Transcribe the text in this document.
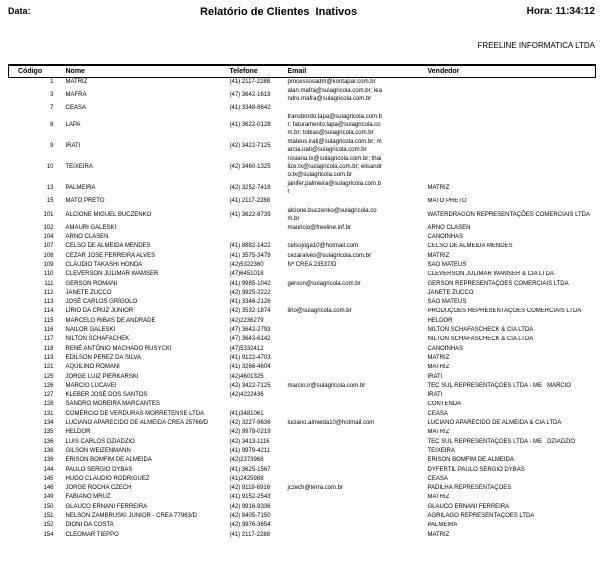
Data:	Relatório de Clientes  Inativos	Hora: 11:34:12
FREELINE INFORMATICA LTDA
Código	Nome	Telefone	Email	Vendedor
1	MATRIZ	(41) 2117-2288	processosadm@kontapar.com.br	
3	MAFRA	(47) 3642-1618	alan.mafra@sulagricola.com.br; leandro.mafra@sulagricola.com.br	
7	CEASA	(41) 3348-8642		
8	LAPA	(41) 3622-0128	transbordo.lapa@sulagricola.com.br; faturamento.lapa@sulagricola.com.br; tobias@sulagricola.com.br	
9	IRATI	(42) 3422-7125	mateus.irati@sulagricola.com.br; marcia.irati@sulagricola.com.br	
10	TEIXEIRA	(42) 3460-1325	rosiana.tx@sulagricola.com.br; thailize.tx@sulagricola.com.br; elisandro.tx@sulagricola.com.br	
13	PALMEIRA	(42) 3252-7418	janifer.palmeira@sulagricola.com.br	MATRIZ
15	MATO PRETO	(41) 2117-2288		MATO PRETO
101	ALCIONE MIGUEL BUCZENKO	(41) 3622-8739	alcione.buczenko@sulagricola.com.br	WATERDRAGON REPRESENTAÇÕES COMERCIAIS LTDA
102	AMAURI GALESKI		mauricio@freeline.inf.br	ARNO CLASEN
104	ARNO CLASEN			CANOINHAS
107	CELSO DE ALMEIDA MENDES	(41) 8882-1422	celsojoga10@hotmail.com	CELSO DE ALMEIDA MENDES
108	CEZAR JOSE FERREIRA ALVES	(41) 3575-3479	cezaralves@sulagricola.com.br	MATRIZ
109	CLÁUDIO TAKASHI HONDA	(42)5322360	Nº CREA 23537/D	SAO MATEUS
110	CLEVERSON JULIMAR WAMSER	(47)6451018		CLEVERSON JULIMAR WAMSER & CIA LTDA
111	GERSON ROMANI	(41) 9985-1042	gerson@sulagricola.com.br	GERSON REPRESENTAÇÕES COMERCIAIS LTDA
112	JANETE ZUCCO	(42) 9925-2222		JANETE ZUCCO
113	JOSÉ CARLOS GRÍGOLO	(41) 3346-2126		SAO MATEUS
114	LÍRIO DA CRUZ JUNIOR	(42) 3532-1874	lirio@sulagricola.com.br	PRODUÇÕES REPRESENTAÇÕES COMERCIAIS LTDA
115	MARCELO RIBAS DE ANDRADE	(42)2236279		HELDOR
116	NAILOR GALESKI	(47) 3642-2793		NILTON SCHAFASCHECK & CIA LTDA
117	NILTON SCHAFACHEK	(47) 3643-6142		NILTON SCHAFASCHECK & CIA LTDA
118	RENÉ ANTÔNIO MACHADO RUSYCKI	(47)5332412		CANOINHAS
119	EDILSON PEREZ DA SILVA	(41) 9122-4703		MATRIZ
121	AQUILINO ROMANI	(41) 3266-4604		MATRIZ
125	JORGE LUIZ PIERKARSKI	(42)4601325		IRATI
126	MARCIO LUCAVEI	(42) 3422-7125	marcio.ir@sulagricola.com.br	TEC SUL REPRESENTAÇÕES LTDA - ME   MARCIO
127	KLEBER JOSÉ DOS SANTOS	(42)4222436		IRATI
128	SANDRO MOREIRA MARCANTES			CONTENDA
131	COMÉRCIO DE VERDURAS MORRETENSE LTDA	(41)3481061		CEASA
134	LUCIANO APARECIDO DE ALMEIDA CREA 25766/D	(42) 3227-9636	luciano.almeida10@hotmail.com	LUCIANO APARECIDO DE ALMEIDA & CIA LTDA
135	HELDOR	(42) 9978-0219		MATRIZ
136	LUIS CARLOS DZIADZIO	(42) 3413-1116		TEC SUL REPRESENTAÇÕES LTDA - ME   DZIADZIO
138	GILSON WEIZENMANN	(41) 9979-4211		TEIXEIRA
139	ERISON BOMFIM DE ALMEIDA	(42)2373968		ERISON BOMFIM DE ALMEIDA
144	PAULO SERGIO DYBAS	(41) 3625-1567		DYFERTIL PAULO SÉRGIO DYBAS
145	HUGO CLAUDIO RODRIGUEZ	(41)2425988		CEASA
146	JORGE ROCHA CZECH	(42) 9119-6916	jczech@terra.com.br	PADILHA REPRESENTAÇÕES
149	FABIANO MRUZ	(41) 9152-2543		MATRIZ
150	GLAUCO ERNANI FERREIRA	(42) 9916-9336		GLAUCO ERNANI FERREIRA
151	NELSON ZAMBRUSKI JUNIOR - CREA 77963/D	(42) 8405-7150		AGRILAGO REPRESENTAÇÕES LTDA
152	DIONI DA COSTA	(42) 9976-3654		PALMEIRA
154	CLEOMAR TIEPPO	(41) 2117-2288		MATRIZ
